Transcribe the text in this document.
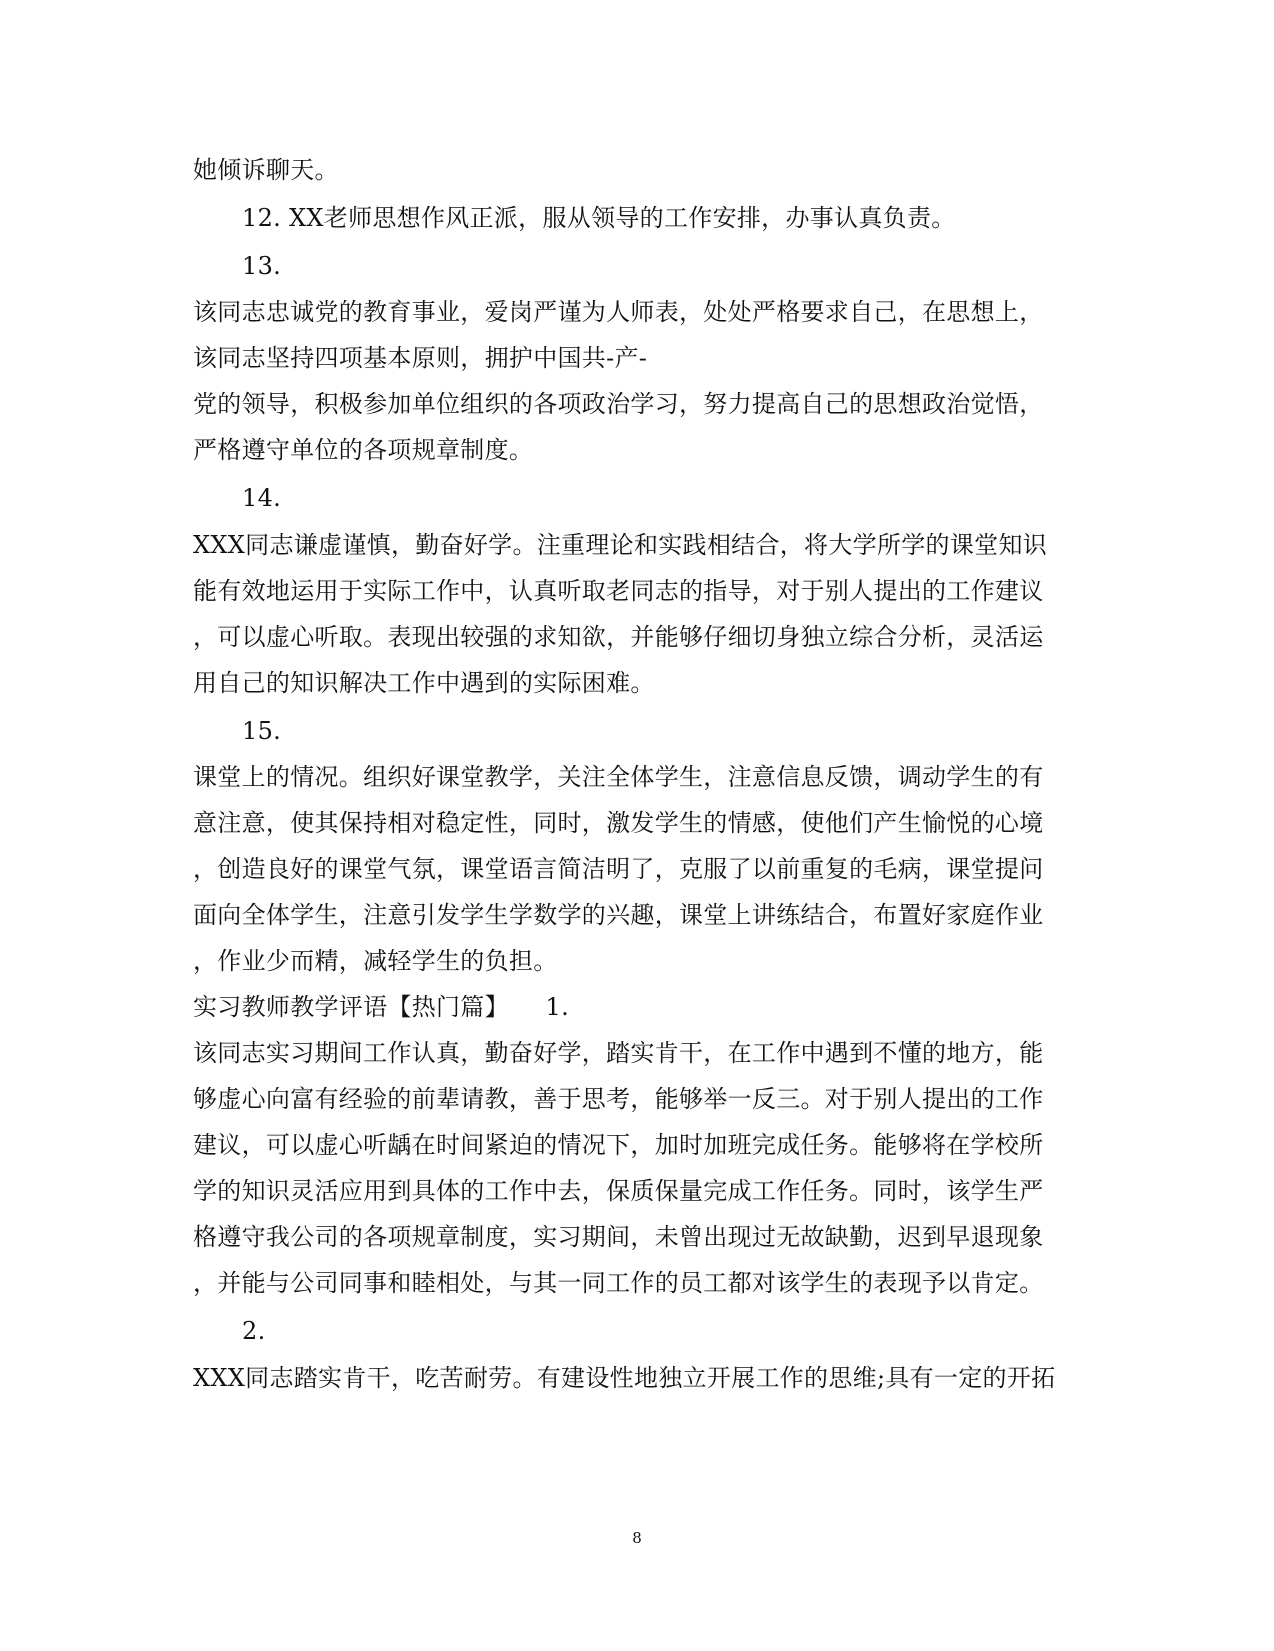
她倾诉聊天。
12. XX老师思想作风正派，服从领导的工作安排，办事认真负责。
13.
该同志忠诚党的教育事业，爱岗严谨为人师表，处处严格要求自己，在思想上，
该同志坚持四项基本原则，拥护中国共-产-
党的领导，积极参加单位组织的各项政治学习，努力提高自己的思想政治觉悟，
严格遵守单位的各项规章制度。
14.
XXX同志谦虚谨慎，勤奋好学。注重理论和实践相结合，将大学所学的课堂知识
能有效地运用于实际工作中，认真听取老同志的指导，对于别人提出的工作建议
，可以虚心听取。表现出较强的求知欲，并能够仔细切身独立综合分析，灵活运
用自己的知识解决工作中遇到的实际困难。
15.
课堂上的情况。组织好课堂教学，关注全体学生，注意信息反馈，调动学生的有
意注意，使其保持相对稳定性，同时，激发学生的情感，使他们产生愉悦的心境
，创造良好的课堂气氛，课堂语言简洁明了，克服了以前重复的毛病，课堂提问
面向全体学生，注意引发学生学数学的兴趣，课堂上讲练结合，布置好家庭作业
，作业少而精，减轻学生的负担。
实习教师教学评语【热门篇】　　1.
该同志实习期间工作认真，勤奋好学，踏实肯干，在工作中遇到不懂的地方，能
够虚心向富有经验的前辈请教，善于思考，能够举一反三。对于别人提出的工作
建议，可以虚心听龋在时间紧迫的情况下，加时加班完成任务。能够将在学校所
学的知识灵活应用到具体的工作中去，保质保量完成工作任务。同时，该学生严
格遵守我公司的各项规章制度，实习期间，未曾出现过无故缺勤，迟到早退现象
，并能与公司同事和睦相处，与其一同工作的员工都对该学生的表现予以肯定。
2.
XXX同志踏实肯干，吃苦耐劳。有建设性地独立开展工作的思维;具有一定的开拓
8
